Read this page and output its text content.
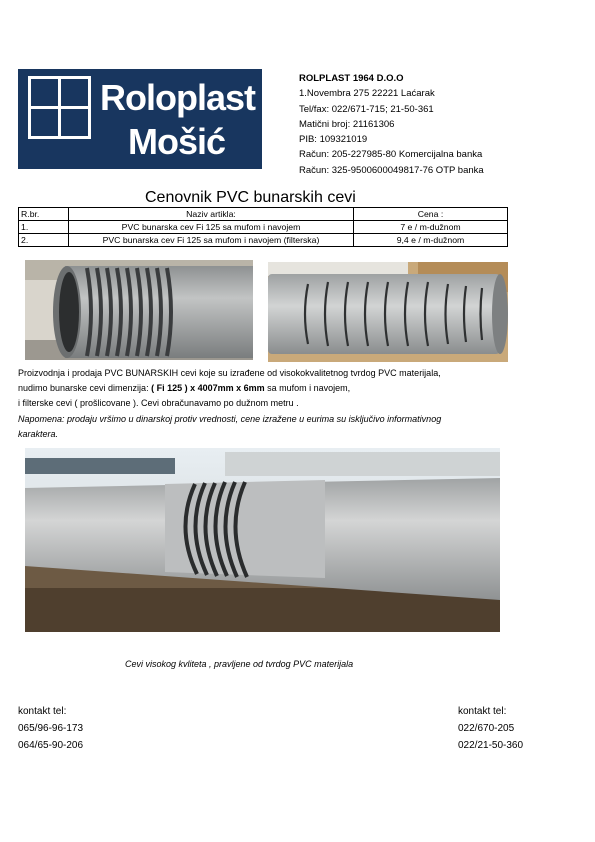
Roloplast
Mošić
ROLPLAST 1964 D.O.O
1.Novembra 275 22221 Laćarak
Tel/fax: 022/671-715; 21-50-361
Matični broj: 21161306
PIB: 109321019
Račun: 205-227985-80 Komercijalna banka
Račun: 325-9500600049817-76 OTP banka
Cenovnik PVC bunarskih cevi
R.br.	Naziv artikla:	Cena :
1.	PVC bunarska cev Fi 125 sa mufom i navojem	7 e / m-dužnom
2.	PVC bunarska cev Fi 125 sa mufom i navojem (filterska)	9,4 e / m-dužnom
Proizvodnja i prodaja PVC BUNARSKIH cevi koje su izrađene od visokokvalitetnog tvrdog PVC materijala, nudimo bunarske cevi dimenzija: ( Fi 125 ) x 4007mm x 6mm sa mufom i navojem,
i filterske cevi ( prošlicovane ). Cevi obračunavamo po dužnom metru .
Napomena: prodaju vršimo u dinarskoj protiv vrednosti, cene izražene u eurima su isključivo informativnog karaktera.
Cevi visokog kvliteta , pravljene od tvrdog PVC materijala
kontakt tel:
065/96-96-173
064/65-90-206
kontakt tel:
022/670-205
022/21-50-360
